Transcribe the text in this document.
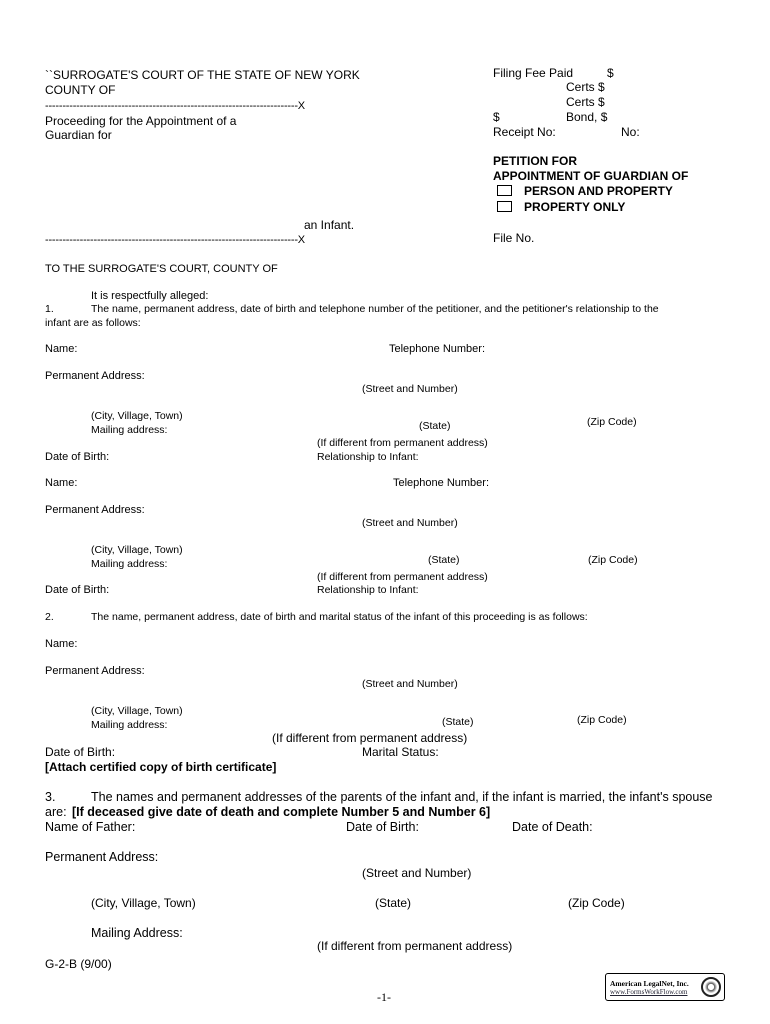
``SURROGATE'S COURT OF THE STATE OF NEW YORK
COUNTY OF
-------------------------------------------------------------------------X
Proceeding for the Appointment of a
Guardian for
an Infant.
-------------------------------------------------------------------------X
Filing Fee Paid	$
Certs $
Certs $
$	Bond, $
Receipt No:	No:
PETITION FOR
APPOINTMENT OF GUARDIAN OF
PERSON AND PROPERTY
PROPERTY ONLY
File No.
TO THE SURROGATE'S COURT, COUNTY OF
It is respectfully alleged:
1.	The name, permanent address, date of birth and telephone number of the petitioner, and the petitioner's relationship to the
infant are as follows:
Name:	Telephone Number:
Permanent Address:
(Street and Number)
(City, Village, Town)
Mailing address:	(State)	(Zip Code)
(If different from permanent address)
Date of Birth:	Relationship to Infant:
Name:	Telephone Number:
Permanent Address:
(Street and Number)
(City, Village, Town)
Mailing address:	(State)	(Zip Code)
(If different from permanent address)
Date of Birth:	Relationship to Infant:
2.	The name, permanent address, date of birth and marital status of the infant of this proceeding is as follows:
Name:
Permanent Address:
(Street and Number)
(City, Village, Town)
Mailing address:	(State)	(Zip Code)
(If different from permanent address)
Date of Birth:	Marital Status:
[Attach certified copy of birth certificate]
3.	The names and permanent addresses of the parents of the infant and, if the infant is married, the infant's spouse
are: [If deceased give date of death and complete Number 5 and Number 6]
Name of Father:	Date of Birth:	Date of Death:
Permanent Address:
(Street and Number)
(City, Village, Town)	(State)	(Zip Code)
Mailing Address:
(If different from permanent address)
G-2-B (9/00)
-1-
American LegalNet, Inc.
www.FormsWorkFlow.com
